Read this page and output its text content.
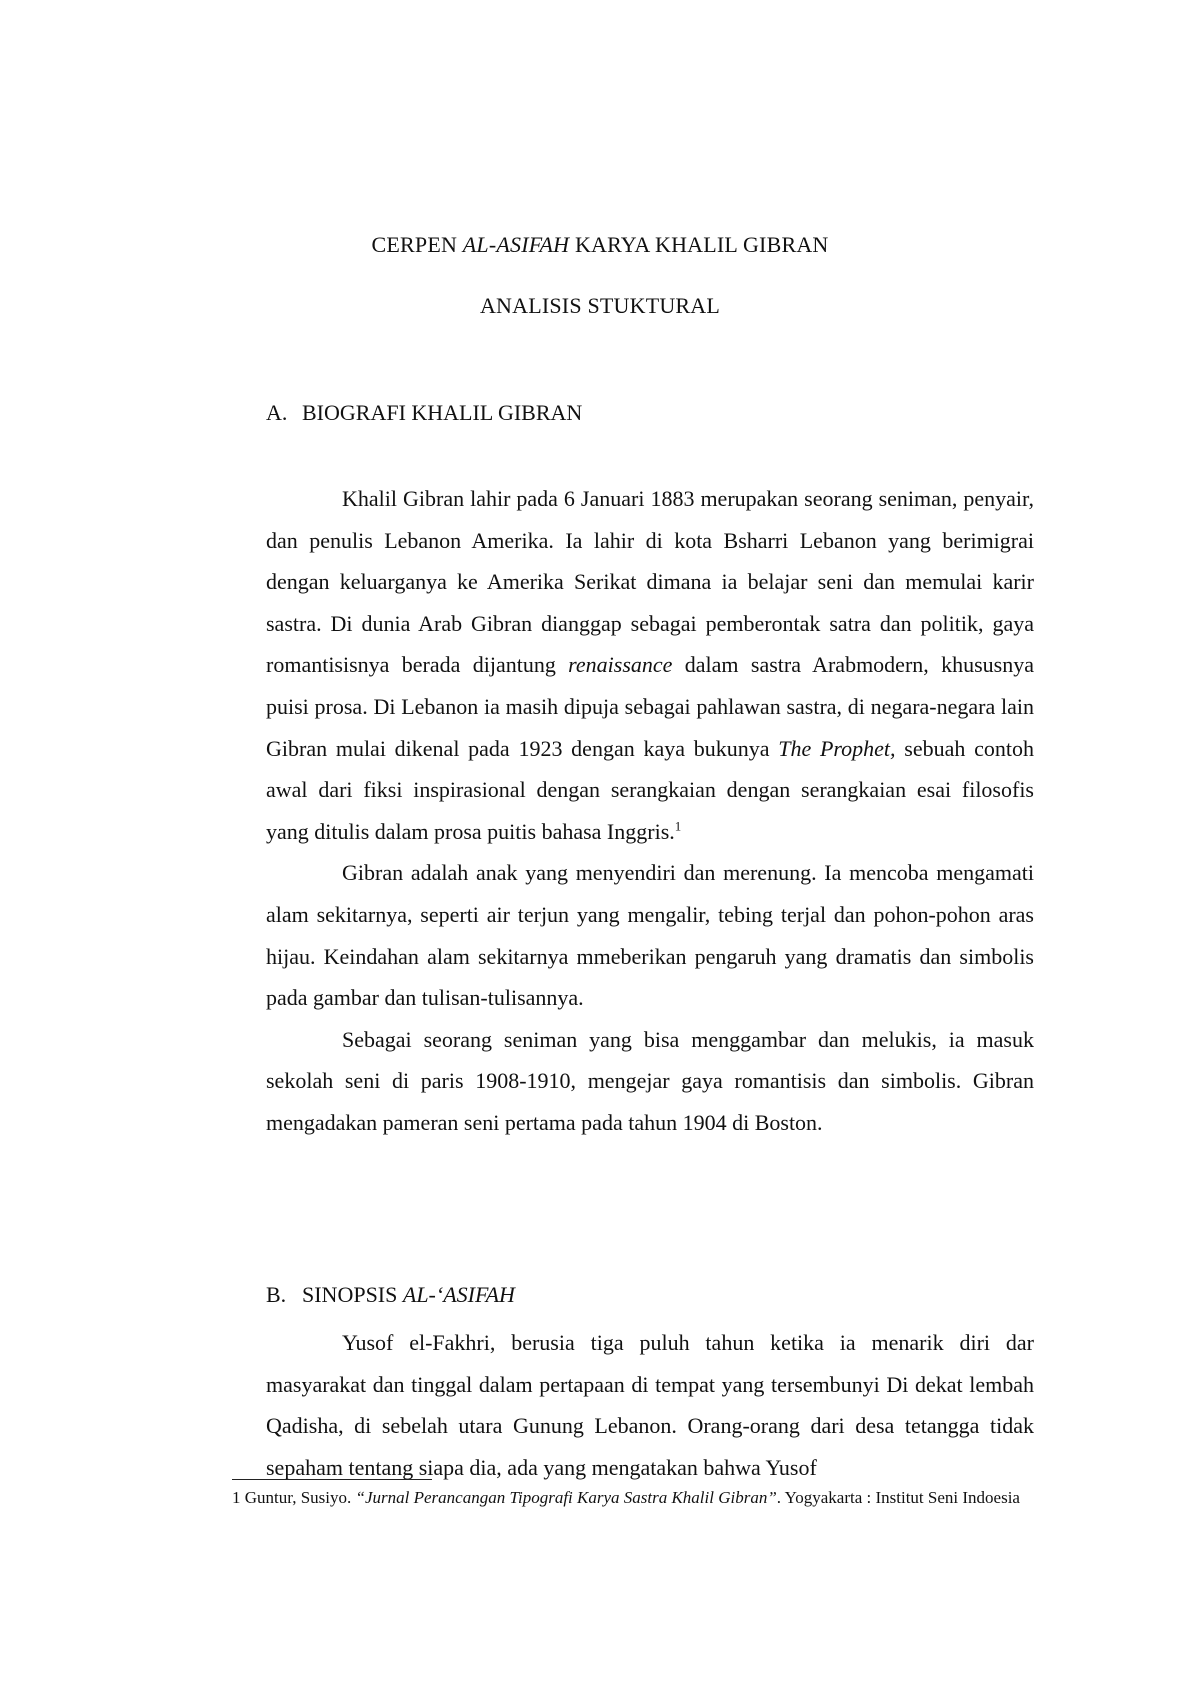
CERPEN AL-ASIFAH KARYA KHALIL GIBRAN
ANALISIS STUKTURAL
A. BIOGRAFI KHALIL GIBRAN

Khalil Gibran lahir pada 6 Januari 1883 merupakan seorang seniman, penyair, dan penulis Lebanon Amerika. Ia lahir di kota Bsharri Lebanon yang berimigrai dengan keluarganya ke Amerika Serikat dimana ia belajar seni dan memulai karir sastra. Di dunia Arab Gibran dianggap sebagai pemberontak satra dan politik, gaya romantisisnya berada dijantung renaissance dalam sastra Arabmodern, khususnya puisi prosa. Di Lebanon ia masih dipuja sebagai pahlawan sastra, di negara-negara lain Gibran mulai dikenal pada 1923 dengan kaya bukunya The Prophet, sebuah contoh awal dari fiksi inspirasional dengan serangkaian dengan serangkaian esai filosofis yang ditulis dalam prosa puitis bahasa Inggris.$^1$

Gibran adalah anak yang menyendiri dan merenung. Ia mencoba mengamati alam sekitarnya, seperti air terjun yang mengalir, tebing terjal dan pohon-pohon aras hijau. Keindahan alam sekitarnya mmeberikan pengaruh yang dramatis dan simbolis pada gambar dan tulisan-tulisannya.

Sebagai seorang seniman yang bisa menggambar dan melukis, ia masuk sekolah seni di paris 1908-1910, mengejar gaya romantisis dan simbolis. Gibran mengadakan pameran seni pertama pada tahun 1904 di Boston.

B. SINOPSIS AL-‘ASIFAH

Yusof el-Fakhri, berusia tiga puluh tahun ketika ia menarik diri dar masyarakat dan tinggal dalam pertapaan di tempat yang tersembunyi Di dekat lembah Qadisha, di sebelah utara Gunung Lebanon. Orang-orang dari desa tetangga tidak sepaham tentang siapa dia, ada yang mengatakan bahwa Yusof

1 Guntur, Susiyo. “Jurnal Perancangan Tipografi Karya Sastra Khalil Gibran”. Yogyakarta : Institut Seni Indoesia
